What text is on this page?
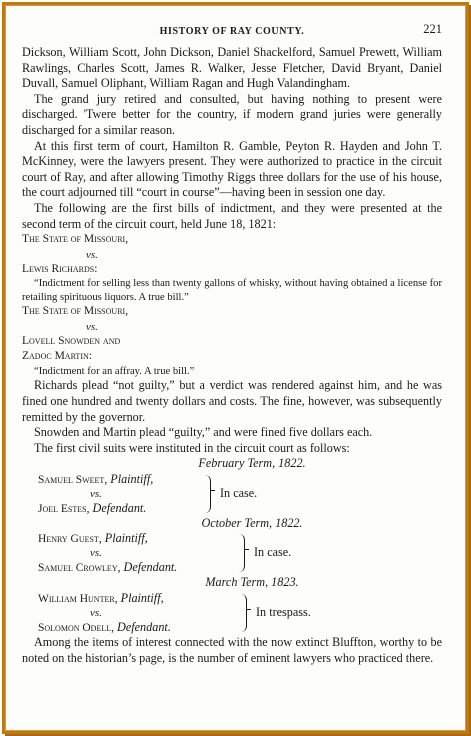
HISTORY OF RAY COUNTY.	221

Dickson, William Scott, John Dickson, Daniel Shackelford, Samuel Prewett, William Rawlings, Charles Scott, James R. Walker, Jesse Fletcher, David Bryant, Daniel Duvall, Samuel Oliphant, William Ragan and Hugh Valandingham.

The grand jury retired and consulted, but having nothing to present were discharged. 'Twere better for the country, if modern grand juries were generally discharged for a similar reason.

At this first term of court, Hamilton R. Gamble, Peyton R. Hayden and John T. McKinney, were the lawyers present. They were authorized to practice in the circuit court of Ray, and after allowing Timothy Riggs three dollars for the use of his house, the court adjourned till “court in course”—having been in session one day.

The following are the first bills of indictment, and they were presented at the second term of the circuit court, held June 18, 1821:

The State of Missouri,
vs.
Lewis Richards:

“Indictment for selling less than twenty gallons of whisky, without having obtained a license for retailing spirituous liquors. A true bill.”

The State of Missouri,
vs.
Lovell Snowden and
Zadoc Martin:

“Indictment for an affray. A true bill.”

Richards plead “not guilty,” but a verdict was rendered against him, and he was fined one hundred and twenty dollars and costs. The fine, however, was subsequently remitted by the governor.

Snowden and Martin plead “guilty,” and were fined five dollars each.

The first civil suits were instituted in the circuit court as follows:

February Term, 1822.
Samuel Sweet, Plaintiff,
vs.
Joel Estes, Defendant.
In case.
October Term, 1822.
Henry Guest, Plaintiff,
vs.
Samuel Crowley, Defendant.
In case.
March Term, 1823.
William Hunter, Plaintiff,
vs.
Solomon Odell, Defendant.
In trespass.

Among the items of interest connected with the now extinct Bluffton, worthy to be noted on the historian’s page, is the number of eminent lawyers who practiced there.
